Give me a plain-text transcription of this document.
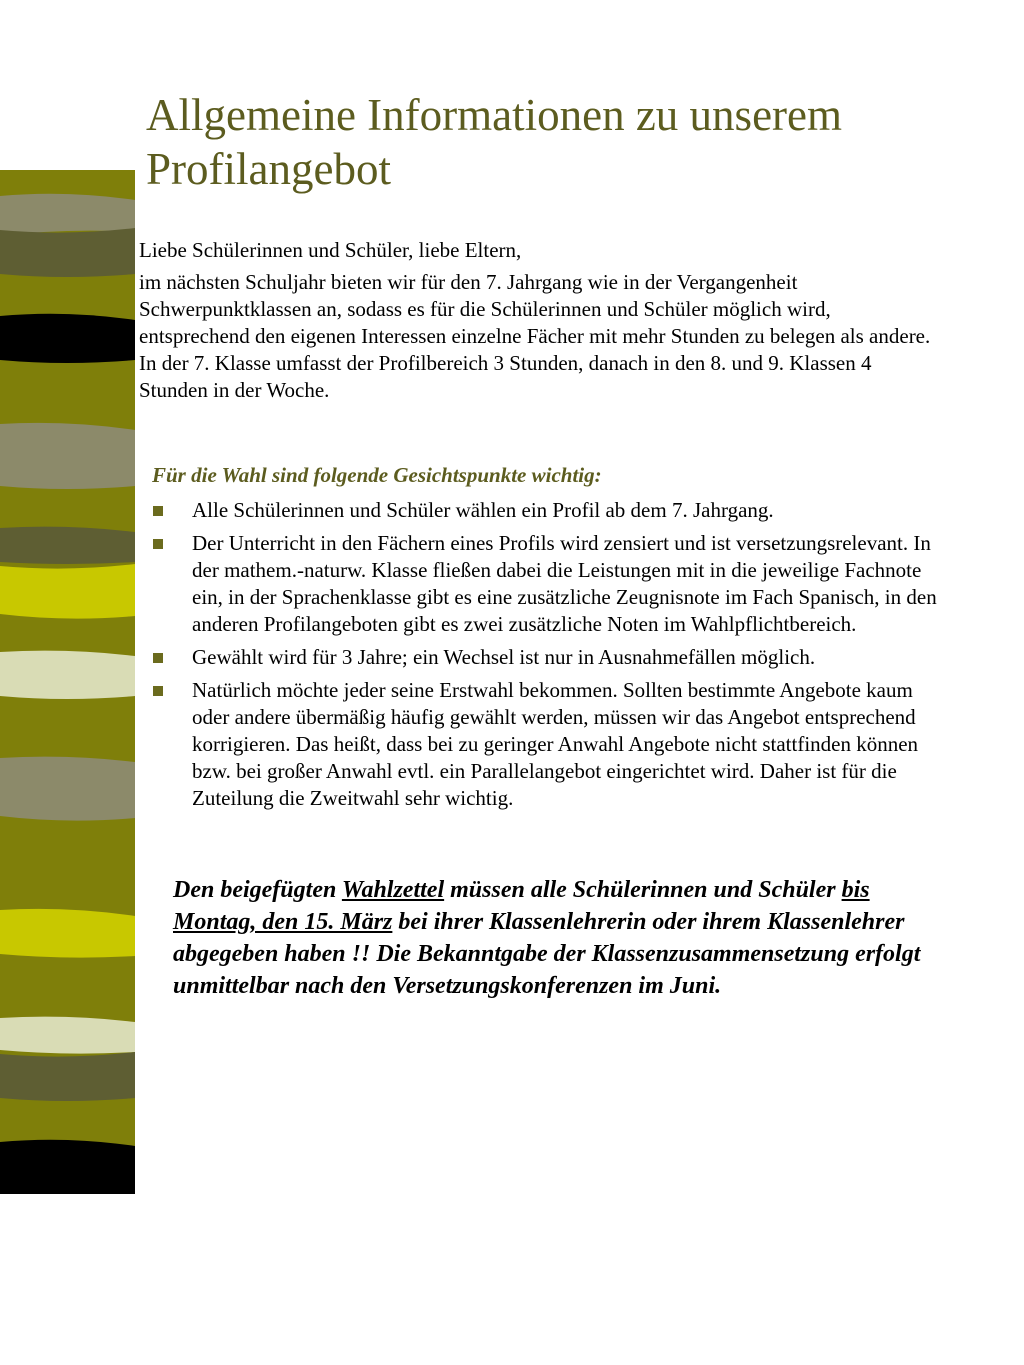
Allgemeine Informationen zu unserem Profilangebot

Liebe Schülerinnen und Schüler, liebe Eltern,

im nächsten Schuljahr bieten wir für den 7. Jahrgang wie in der Vergangenheit Schwerpunktklassen an, sodass es für die Schülerinnen und Schüler möglich wird, entsprechend den eigenen Interessen einzelne Fächer mit mehr Stunden zu belegen als andere. In der 7. Klasse umfasst der Profilbereich 3 Stunden, danach in den 8. und 9. Klassen 4 Stunden in der Woche.

Für die Wahl sind folgende Gesichtspunkte wichtig:

Alle Schülerinnen und Schüler wählen ein Profil ab dem 7. Jahrgang.
Der Unterricht in den Fächern eines Profils wird zensiert und ist versetzungsrelevant. In der mathem.-naturw. Klasse fließen dabei die Leistungen mit in die jeweilige Fachnote ein, in der Sprachenklasse gibt es eine zusätzliche Zeugnisnote im Fach Spanisch, in den anderen Profilangeboten gibt es zwei zusätzliche Noten im Wahlpflichtbereich.
Gewählt wird für 3 Jahre; ein Wechsel ist nur in Ausnahmefällen möglich.
Natürlich möchte jeder seine Erstwahl bekommen. Sollten bestimmte Angebote kaum oder andere übermäßig häufig gewählt werden, müssen wir das Angebot entsprechend korrigieren. Das heißt, dass bei zu geringer Anwahl Angebote nicht stattfinden können bzw. bei großer Anwahl evtl. ein Parallelangebot eingerichtet wird. Daher ist für die Zuteilung die Zweitwahl sehr wichtig.

Den beigefügten Wahlzettel müssen alle Schülerinnen und Schüler bis Montag, den 15. März bei ihrer Klassenlehrerin oder ihrem Klassenlehrer abgegeben haben !! Die Bekanntgabe der Klassenzusammensetzung erfolgt unmittelbar nach den Versetzungskonferenzen im Juni.
